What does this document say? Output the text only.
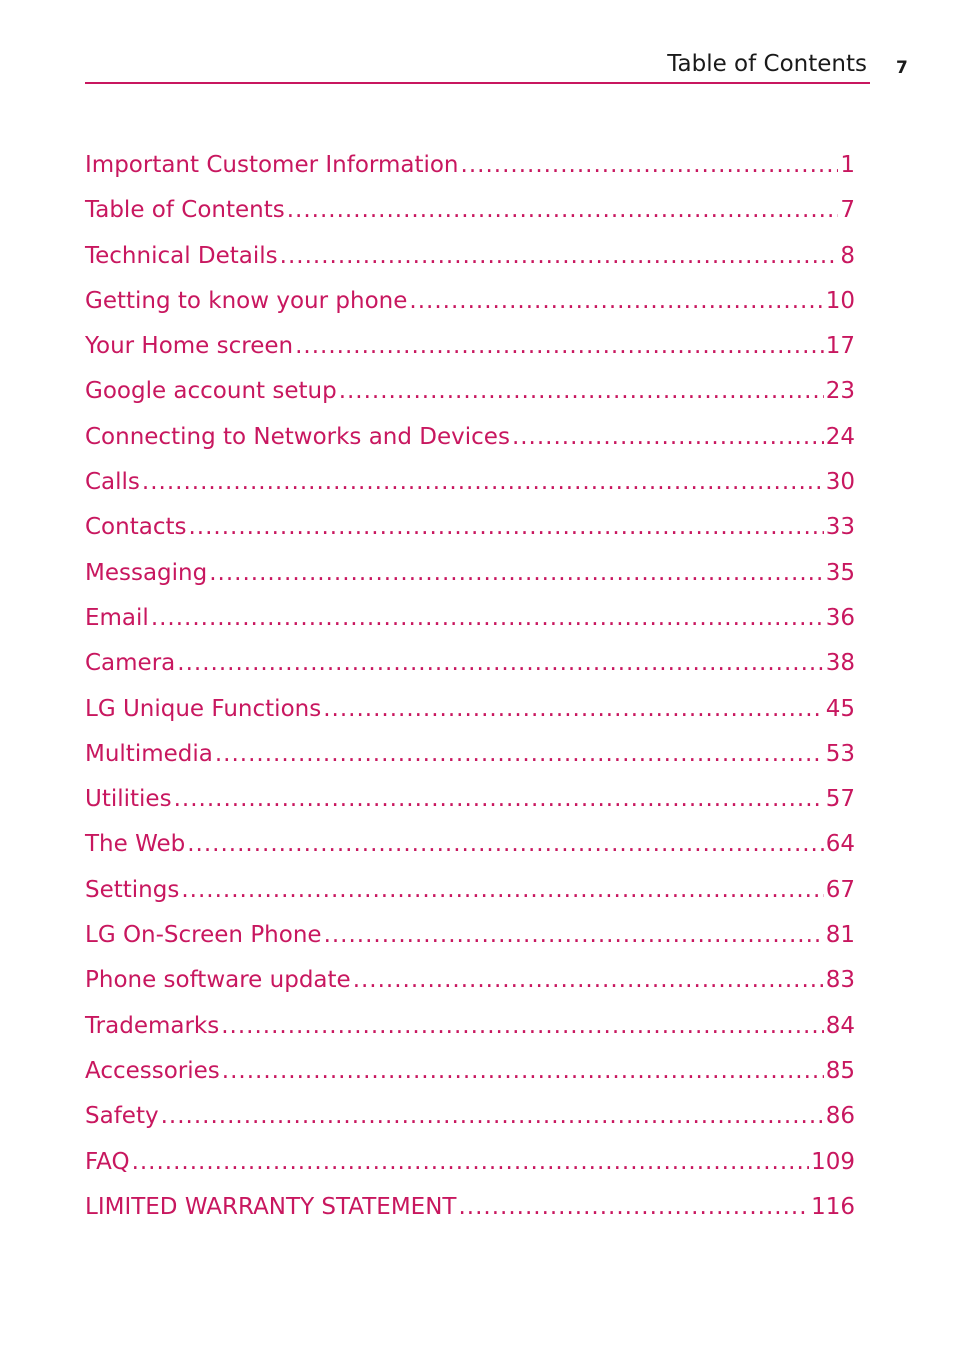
Table of Contents 7
Important Customer Information .....	1
Table of Contents .....	7
Technical Details .....	8
Getting to know your phone .....	10
Your Home screen .....	17
Google account setup .....	23
Connecting to Networks and Devices .....	24
Calls .....	30
Contacts .....	33
Messaging .....	35
Email .....	36
Camera .....	38
LG Unique Functions .....	45
Multimedia .....	53
Utilities .....	57
The Web .....	64
Settings .....	67
LG On-Screen Phone .....	81
Phone software update .....	83
Trademarks .....	84
Accessories .....	85
Safety .....	86
FAQ .....	109
LIMITED WARRANTY STATEMENT .....	116
